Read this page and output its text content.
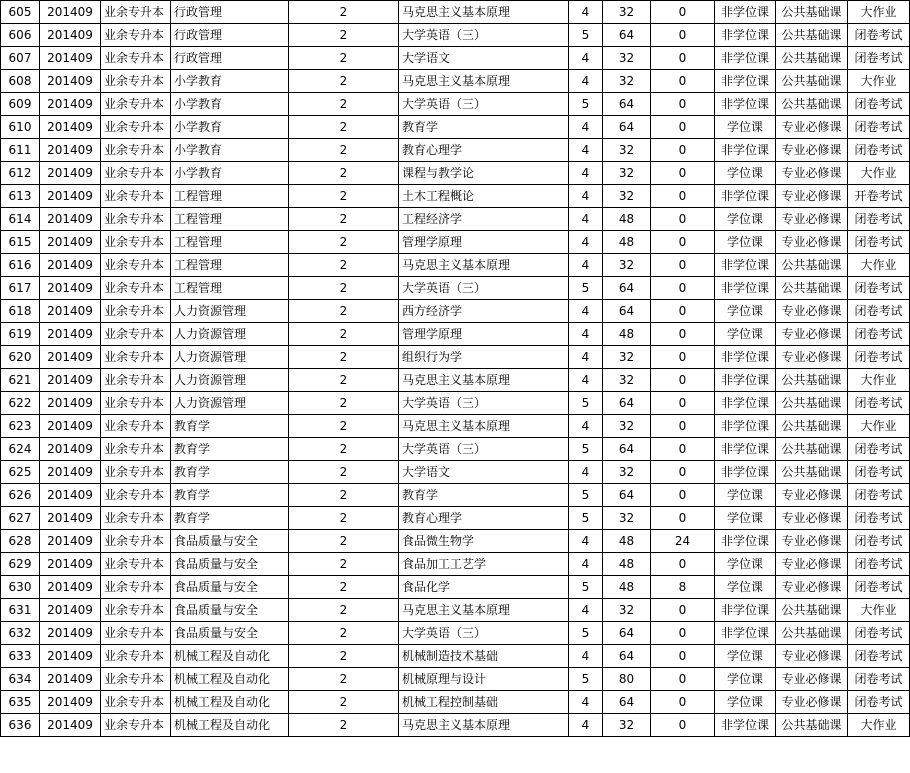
605	201409	业余专升本	行政管理	2	马克思主义基本原理	4	32	0	非学位课	公共基础课	大作业
606	201409	业余专升本	行政管理	2	大学英语（三）	5	64	0	非学位课	公共基础课	闭卷考试
607	201409	业余专升本	行政管理	2	大学语文	4	32	0	非学位课	公共基础课	闭卷考试
608	201409	业余专升本	小学教育	2	马克思主义基本原理	4	32	0	非学位课	公共基础课	大作业
609	201409	业余专升本	小学教育	2	大学英语（三）	5	64	0	非学位课	公共基础课	闭卷考试
610	201409	业余专升本	小学教育	2	教育学	4	64	0	学位课	专业必修课	闭卷考试
611	201409	业余专升本	小学教育	2	教育心理学	4	32	0	非学位课	专业必修课	闭卷考试
612	201409	业余专升本	小学教育	2	课程与教学论	4	32	0	学位课	专业必修课	大作业
613	201409	业余专升本	工程管理	2	土木工程概论	4	32	0	非学位课	专业必修课	开卷考试
614	201409	业余专升本	工程管理	2	工程经济学	4	48	0	学位课	专业必修课	闭卷考试
615	201409	业余专升本	工程管理	2	管理学原理	4	48	0	学位课	专业必修课	闭卷考试
616	201409	业余专升本	工程管理	2	马克思主义基本原理	4	32	0	非学位课	公共基础课	大作业
617	201409	业余专升本	工程管理	2	大学英语（三）	5	64	0	非学位课	公共基础课	闭卷考试
618	201409	业余专升本	人力资源管理	2	西方经济学	4	64	0	学位课	专业必修课	闭卷考试
619	201409	业余专升本	人力资源管理	2	管理学原理	4	48	0	学位课	专业必修课	闭卷考试
620	201409	业余专升本	人力资源管理	2	组织行为学	4	32	0	非学位课	专业必修课	闭卷考试
621	201409	业余专升本	人力资源管理	2	马克思主义基本原理	4	32	0	非学位课	公共基础课	大作业
622	201409	业余专升本	人力资源管理	2	大学英语（三）	5	64	0	非学位课	公共基础课	闭卷考试
623	201409	业余专升本	教育学	2	马克思主义基本原理	4	32	0	非学位课	公共基础课	大作业
624	201409	业余专升本	教育学	2	大学英语（三）	5	64	0	非学位课	公共基础课	闭卷考试
625	201409	业余专升本	教育学	2	大学语文	4	32	0	非学位课	公共基础课	闭卷考试
626	201409	业余专升本	教育学	2	教育学	5	64	0	学位课	专业必修课	闭卷考试
627	201409	业余专升本	教育学	2	教育心理学	5	32	0	学位课	专业必修课	闭卷考试
628	201409	业余专升本	食品质量与安全	2	食品微生物学	4	48	24	非学位课	专业必修课	闭卷考试
629	201409	业余专升本	食品质量与安全	2	食品加工工艺学	4	48	0	学位课	专业必修课	闭卷考试
630	201409	业余专升本	食品质量与安全	2	食品化学	5	48	8	学位课	专业必修课	闭卷考试
631	201409	业余专升本	食品质量与安全	2	马克思主义基本原理	4	32	0	非学位课	公共基础课	大作业
632	201409	业余专升本	食品质量与安全	2	大学英语（三）	5	64	0	非学位课	公共基础课	闭卷考试
633	201409	业余专升本	机械工程及自动化	2	机械制造技术基础	4	64	0	学位课	专业必修课	闭卷考试
634	201409	业余专升本	机械工程及自动化	2	机械原理与设计	5	80	0	学位课	专业必修课	闭卷考试
635	201409	业余专升本	机械工程及自动化	2	机械工程控制基础	4	64	0	学位课	专业必修课	闭卷考试
636	201409	业余专升本	机械工程及自动化	2	马克思主义基本原理	4	32	0	非学位课	公共基础课	大作业
